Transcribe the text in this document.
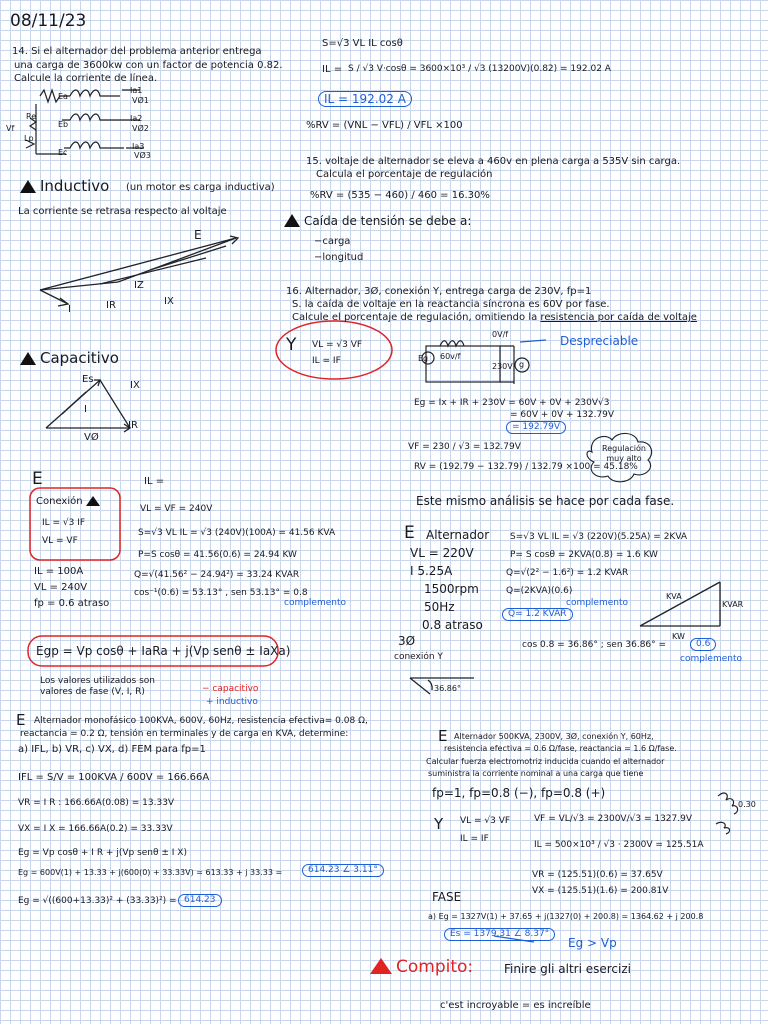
08/11/23
14. Si el alternador del problema anterior entrega
una carga de 3600kw con un factor de potencia 0.82.
Calcule la corriente de línea.
S=√3 VL IL cosθ
IL = S / √3 V·cosθ = 3600×10³ / √3 (13200V)(0.82) = 192.02 A
IL = 192.02 A
%RV = (VNL − VFL) / VFL ×100
Ea
Eb
Ec
Ia1
VØ1
Ia2
VØ2
Ia3
VØ3
Re
Lp
Vf
Inductivo (un motor es carga inductiva)
La corriente se retrasa respecto al voltaje
E
IZ
IR	IX
I
15. voltaje de alternador se eleva a 460v en plena carga a 535V sin carga.
Calcula el porcentaje de regulación
%RV = (535 − 460) / 460 = 16.30%
Caída de tensión se debe a:
−carga
−longitud
16. Alternador, 3Ø, conexión Y, entrega carga de 230V, fp=1
S. la caída de voltaje en la reactancia síncrona es 60V por fase.
Calcule el porcentaje de regulación, omitiendo la resistencia por caída de voltaje
Y VL = √3 VF
IL = IF
Despreciable
0V/f
60v/f
230V
Eg
g
Eg = Ix + IR + 230V = 60V + 0V + 230V√3
= 60V + 0V + 132.79V
= 192.79V
VF = 230 / √3 = 132.79V
RV = (192.79 − 132.79) / 132.79 ×100 = 45.18%
Regulación muy alto
Este mismo análisis se hace por cada fase.
Capacitivo
Es
IX
I
IR
VØ
E
Conexión
IL = √3 IF
VL = VF
IL = 100A
VL = 240V
fp = 0.6 atraso
IL =
VL = VF = 240V
S=√3 VL IL = √3 (240V)(100A) = 41.56 KVA
P=S cosθ = 41.56(0.6) = 24.94 KW
Q=√(41.56² − 24.94²) = 33.24 KVAR
cos⁻¹(0.6) = 53.13° , sen 53.13° = 0.8
complemento
Egp = Vp cosθ + IaRa + j(Vp senθ ± IaXa)
Los valores utilizados son valores de fase (V, I, R)	− capacitivo
+ inductivo
E Alternador
VL = 220V
I 5.25A
1500rpm
50Hz
0.8 atraso
S=√3 VL IL = √3 (220V)(5.25A) = 2KVA
P= S cosθ = 2KVA(0.8) = 1.6 KW
Q=√(2² − 1.6²) = 1.2 KVAR
Q=(2KVA)(0.6)
complemento
Q= 1.2 KVAR
KVA
KVAR
KW
3Ø
conexión Y
36.86°
cos 0.8 = 36.86° ; sen 36.86° =	0.6
complemento
E Alternador monofásico 100KVA, 600V, 60Hz, resistencia efectiva= 0.08 Ω,
reactancia = 0.2 Ω, tensión en terminales y de carga en KVA, determine:
a) IFL, b) VR, c) VX, d) FEM para fp=1
IFL = S/V = 100KVA / 600V = 166.66A
VR = I R : 166.66A(0.08) = 13.33V
VX = I X = 166.66A(0.2) = 33.33V
Eg = Vp cosθ + I R + j(Vp senθ ± I X)
Eg = 600V(1) + 13.33 + j(600(0) + 33.33V) = 613.33 + j 33.33 =	614.23 ∠ 3.11°
Eg = √((600+13.33)² + (33.33)²) = 614.23
E Alternador 500KVA, 2300V, 3Ø, conexión Y, 60Hz,
resistencia efectiva = 0.6 Ω/fase, reactancia = 1.6 Ω/fase.
Calcular fuerza electromotriz inducida cuando el alternador
suministra la corriente nominal a una carga que tiene
fp=1, fp=0.8 (−), fp=0.8 (+)
Y VL = √3 VF
IL = IF
VF = VL/√3 = 2300V/√3 = 1327.9V
IL = 500×10³ / √3 · 2300V = 125.51A
VR = (125.51)(0.6) = 37.65V
VX = (125.51)(1.6) = 200.81V
FASE
a) Eg = 1327V(1) + 37.65 + j(1327(0) + 200.8) = 1364.62 + j 200.8
Es = 1379.31 ∠ 8.37°
Eg > Vp
0.30
Compito:	Finire gli altri esercizi
c'est incroyable = es increíble
